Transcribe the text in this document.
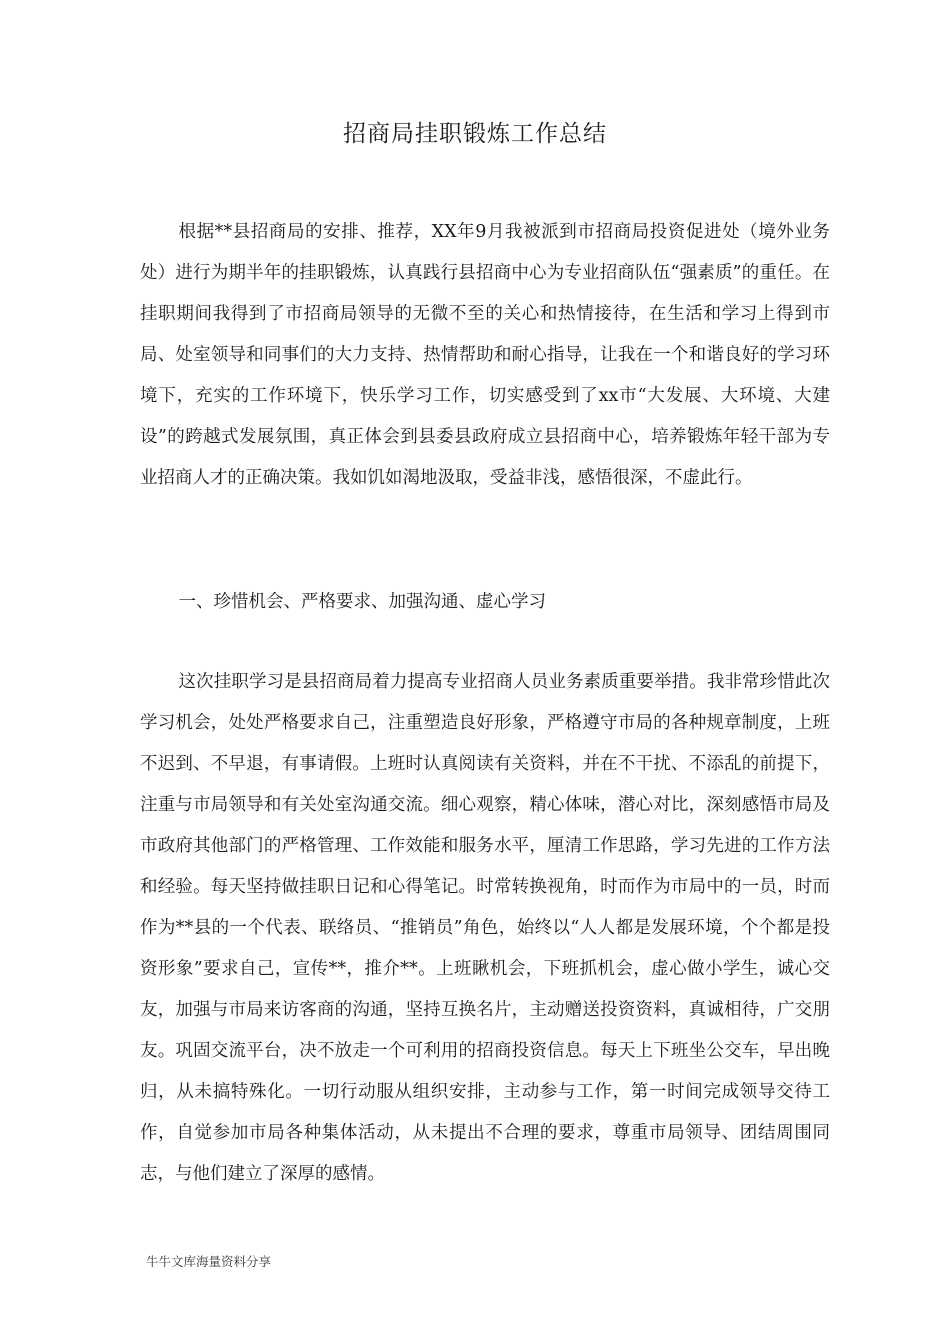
招商局挂职锻炼工作总结

根据**县招商局的安排、推荐，XX年9月我被派到市招商局投资促进处（境外业务处）进行为期半年的挂职锻炼，认真践行县招商中心为专业招商队伍“强素质”的重任。在挂职期间我得到了市招商局领导的无微不至的关心和热情接待，在生活和学习上得到市局、处室领导和同事们的大力支持、热情帮助和耐心指导，让我在一个和谐良好的学习环境下，充实的工作环境下，快乐学习工作，切实感受到了xx市“大发展、大环境、大建设”的跨越式发展氛围，真正体会到县委县政府成立县招商中心，培养锻炼年轻干部为专业招商人才的正确决策。我如饥如渴地汲取，受益非浅，感悟很深，不虚此行。

一、珍惜机会、严格要求、加强沟通、虚心学习

这次挂职学习是县招商局着力提高专业招商人员业务素质重要举措。我非常珍惜此次学习机会，处处严格要求自己，注重塑造良好形象，严格遵守市局的各种规章制度，上班不迟到、不早退，有事请假。上班时认真阅读有关资料，并在不干扰、不添乱的前提下，注重与市局领导和有关处室沟通交流。细心观察，精心体味，潜心对比，深刻感悟市局及市政府其他部门的严格管理、工作效能和服务水平，厘清工作思路，学习先进的工作方法和经验。每天坚持做挂职日记和心得笔记。时常转换视角，时而作为市局中的一员，时而作为**县的一个代表、联络员、“推销员”角色，始终以“人人都是发展环境，个个都是投资形象”要求自己，宣传**，推介**。上班瞅机会，下班抓机会，虚心做小学生，诚心交友，加强与市局来访客商的沟通，坚持互换名片，主动赠送投资资料，真诚相待，广交朋友。巩固交流平台，决不放走一个可利用的招商投资信息。每天上下班坐公交车，早出晚归，从未搞特殊化。一切行动服从组织安排，主动参与工作，第一时间完成领导交待工作，自觉参加市局各种集体活动，从未提出不合理的要求，尊重市局领导、团结周围同志，与他们建立了深厚的感情。

牛牛文库海量资料分享
